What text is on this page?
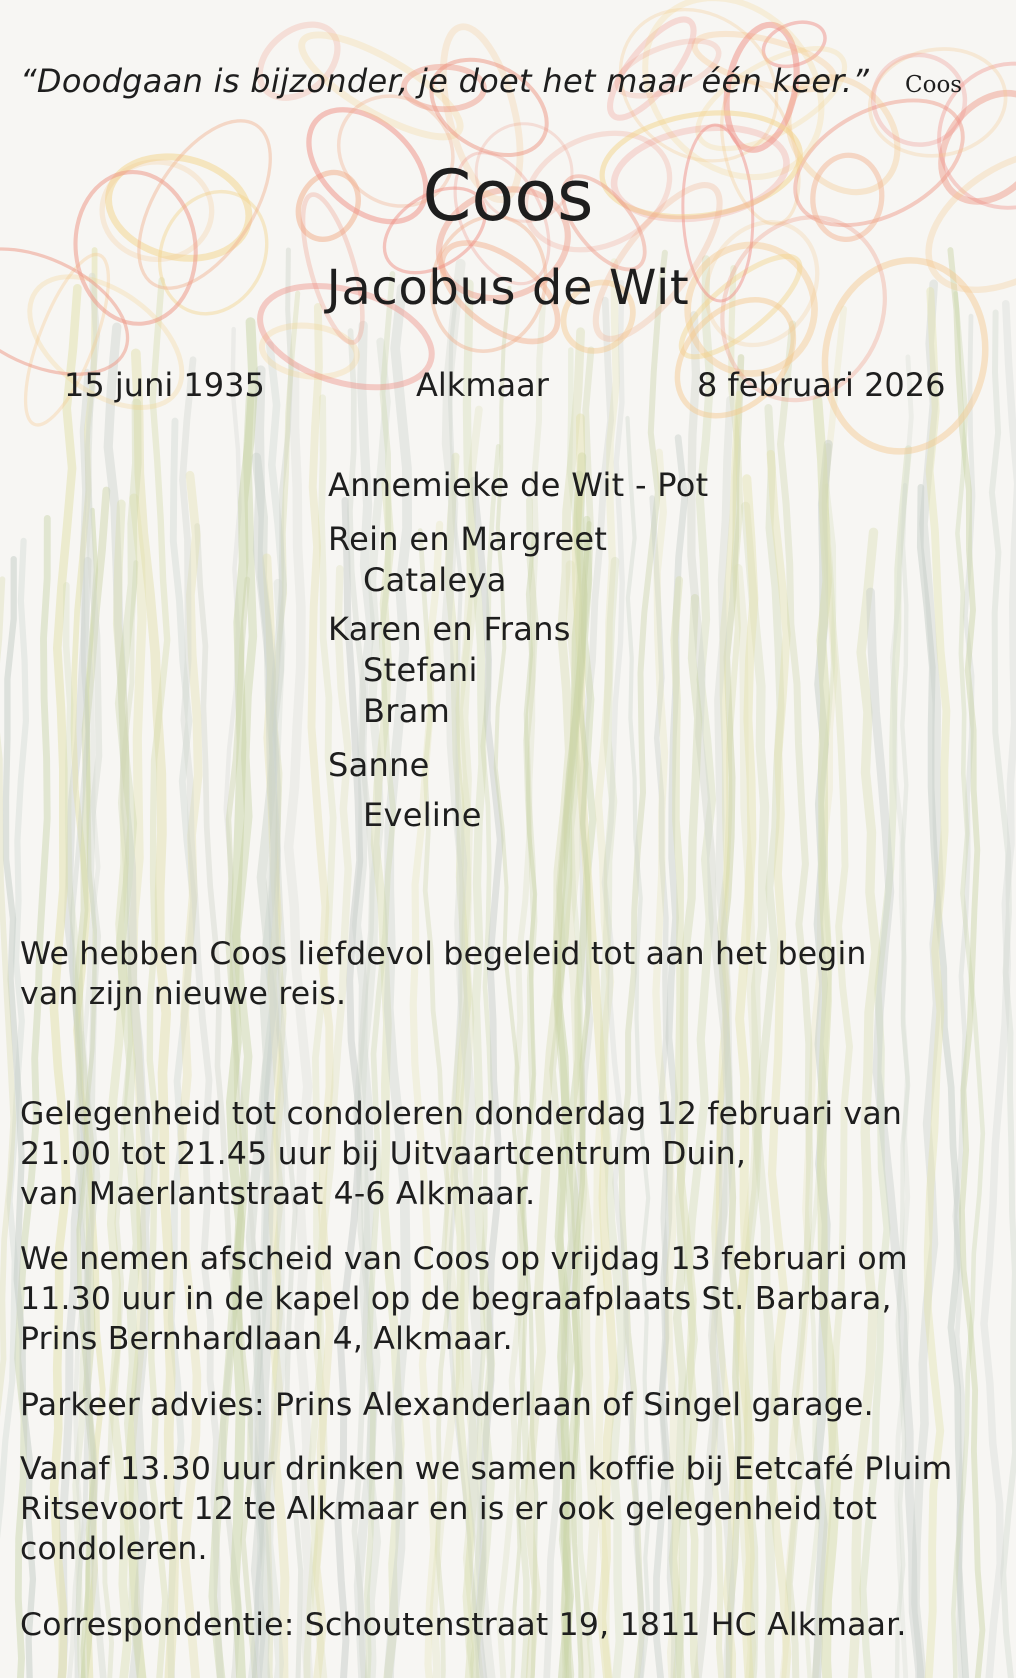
“Doodgaan is bijzonder, je doet het maar één keer.” Coos
Coos
Jacobus de Wit
15 juni 1935	Alkmaar	8 februari 2026
Annemieke de Wit - Pot
Rein en Margreet
Cataleya
Karen en Frans
Stefani
Bram
Sanne
Eveline
We hebben Coos liefdevol begeleid tot aan het begin
van zijn nieuwe reis.
Gelegenheid tot condoleren donderdag 12 februari van
21.00 tot 21.45 uur bij Uitvaartcentrum Duin,
van Maerlantstraat 4-6 Alkmaar.
We nemen afscheid van Coos op vrijdag 13 februari om
11.30 uur in de kapel op de begraafplaats St. Barbara,
Prins Bernhardlaan 4, Alkmaar.
Parkeer advies: Prins Alexanderlaan of Singel garage.
Vanaf 13.30 uur drinken we samen koffie bij Eetcafé Pluim
Ritsevoort 12 te Alkmaar en is er ook gelegenheid tot
condoleren.
Correspondentie: Schoutenstraat 19, 1811 HC Alkmaar.
